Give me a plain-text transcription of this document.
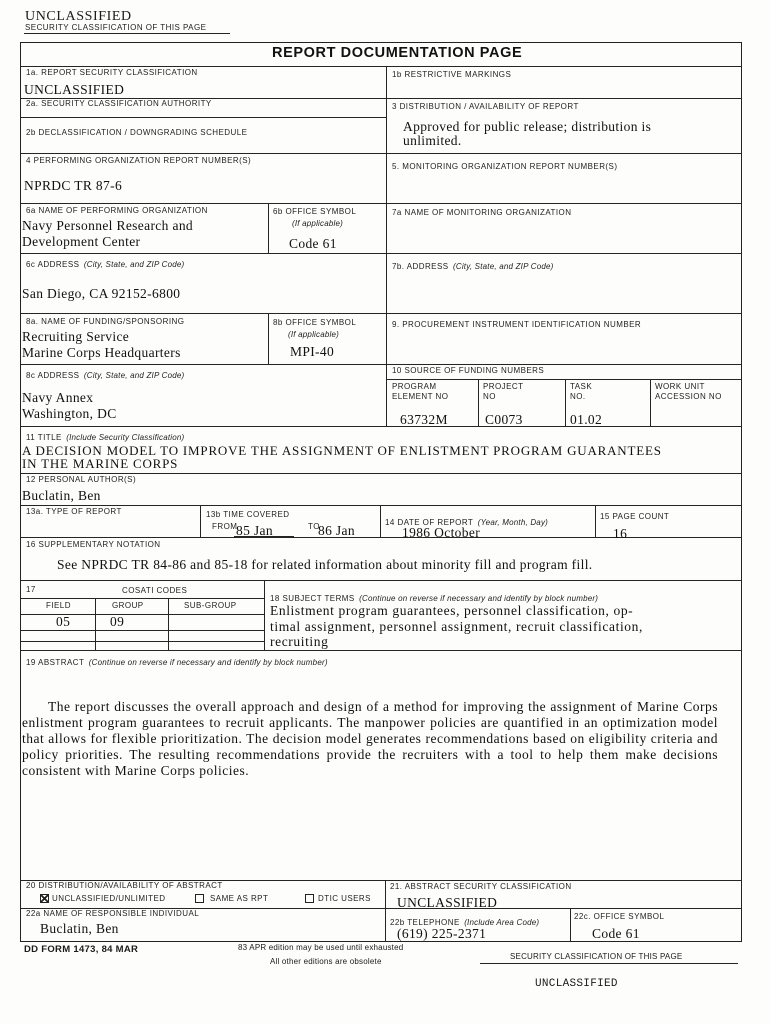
UNCLASSIFIED
SECURITY CLASSIFICATION OF THIS PAGE
REPORT DOCUMENTATION PAGE
1a. REPORT SECURITY CLASSIFICATION
UNCLASSIFIED
1b RESTRICTIVE MARKINGS
2a. SECURITY CLASSIFICATION AUTHORITY
2b DECLASSIFICATION / DOWNGRADING SCHEDULE
3 DISTRIBUTION / AVAILABILITY OF REPORT
Approved for public release; distribution is
unlimited.
4 PERFORMING ORGANIZATION REPORT NUMBER(S)
NPRDC TR 87-6
5. MONITORING ORGANIZATION REPORT NUMBER(S)
6a NAME OF PERFORMING ORGANIZATION
Navy Personnel Research and
Development Center
6b OFFICE SYMBOL
(If applicable)
Code 61
7a NAME OF MONITORING ORGANIZATION
6c ADDRESS (City, State, and ZIP Code)
San Diego, CA 92152-6800
7b. ADDRESS (City, State, and ZIP Code)
8a. NAME OF FUNDING/SPONSORING
Recruiting Service
Marine Corps Headquarters
8b OFFICE SYMBOL
(If applicable)
MPI-40
9. PROCUREMENT INSTRUMENT IDENTIFICATION NUMBER
8c ADDRESS (City, State, and ZIP Code)
Navy Annex
Washington, DC
10 SOURCE OF FUNDING NUMBERS
PROGRAM
ELEMENT NO
PROJECT
NO
TASK
NO.
WORK UNIT
ACCESSION NO
63732M	C0073	01.02
11 TITLE (Include Security Classification)
A DECISION MODEL TO IMPROVE THE ASSIGNMENT OF ENLISTMENT PROGRAM GUARANTEES
IN THE MARINE CORPS
12 PERSONAL AUTHOR(S)
Buclatin, Ben
13a. TYPE OF REPORT	13b TIME COVERED
FROM
85 Jan	TO
86 Jan
14 DATE OF REPORT (Year, Month, Day)
1986 October
15 PAGE COUNT
16
16 SUPPLEMENTARY NOTATION
See NPRDC TR 84-86 and 85-18 for related information about minority fill and program fill.
17	COSATI CODES
FIELD	GROUP	SUB-GROUP
05	09
18 SUBJECT TERMS (Continue on reverse if necessary and identify by block number)
Enlistment program guarantees, personnel classification, op-
timal assignment, personnel assignment, recruit classification,
recruiting
19 ABSTRACT (Continue on reverse if necessary and identify by block number)
The report discusses the overall approach and design of a method for improving the assignment of Marine Corps enlistment program guarantees to recruit applicants. The manpower policies are quantified in an optimization model that allows for flexible prioritization. The decision model generates recommendations based on eligibility criteria and policy priorities. The resulting recommendations provide the recruiters with a tool to help them make decisions consistent with Marine Corps policies.
20 DISTRIBUTION/AVAILABILITY OF ABSTRACT
UNCLASSIFIED/UNLIMITED	SAME AS RPT	DTIC USERS
21. ABSTRACT SECURITY CLASSIFICATION
UNCLASSIFIED
22a NAME OF RESPONSIBLE INDIVIDUAL
Buclatin, Ben	22b TELEPHONE (Include Area Code)
(619) 225-2371
22c. OFFICE SYMBOL
Code 61
DD FORM 1473, 84 MAR	83 APR edition may be used until exhausted
All other editions are obsolete
SECURITY CLASSIFICATION OF THIS PAGE
UNCLASSIFIED
